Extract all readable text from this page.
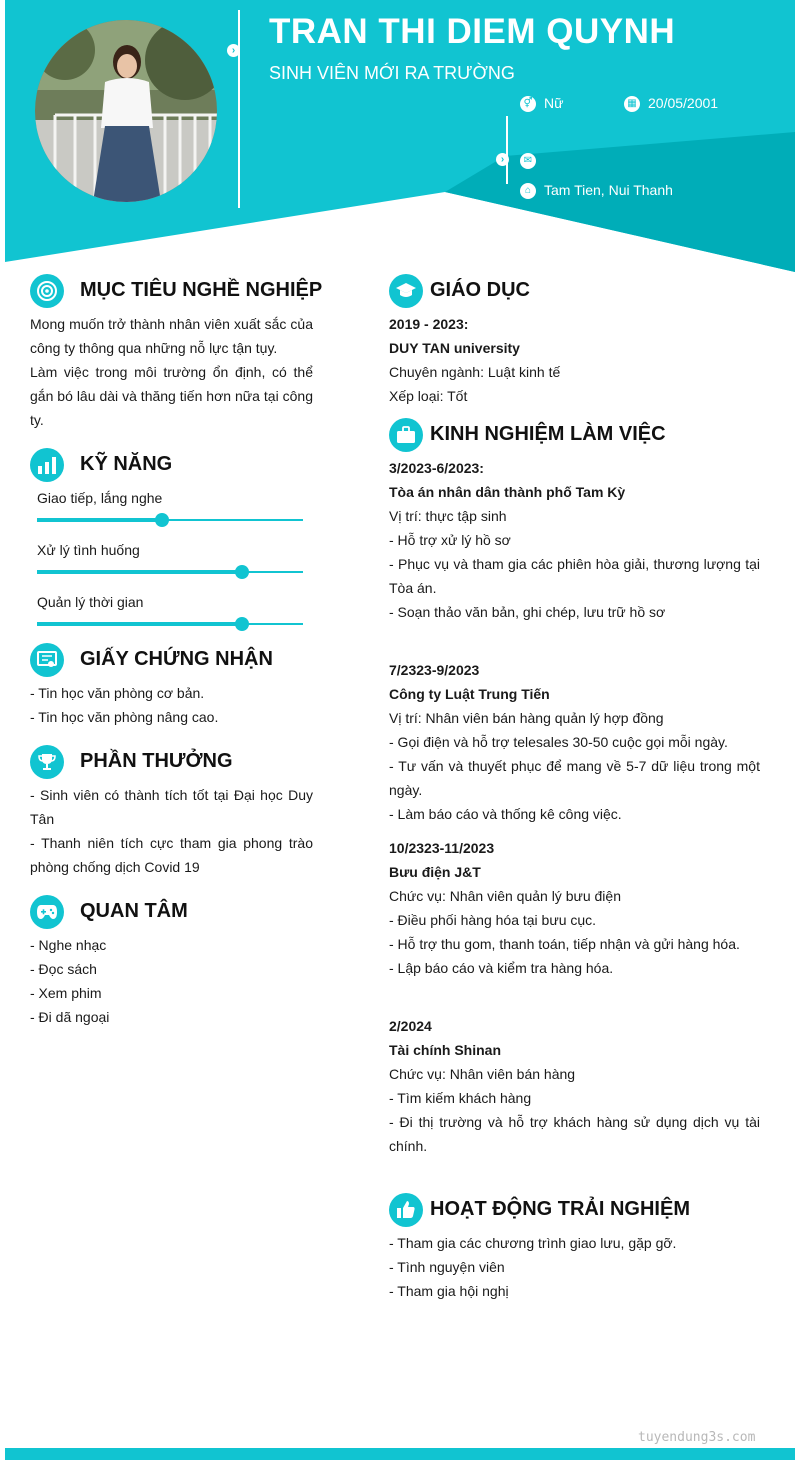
› TRAN THI DIEM QUYNH
SINH VIÊN MỚI RA TRƯỜNG
›
⚥ Nữ	▦ 20/05/2001
✉
⌂ Tam Tien, Nui Thanh
MỤC TIÊU NGHỀ NGHIỆP
Mong muốn trở thành nhân viên xuất sắc của công ty thông qua những nỗ lực tận tụy.
Làm việc trong môi trường ổn định, có thể gắn bó lâu dài và thăng tiến hơn nữa tại công ty.
KỸ NĂNG
Giao tiếp, lắng nghe
Xử lý tình huống
Quản lý thời gian
GIẤY CHỨNG NHẬN
- Tin học văn phòng cơ bản.
- Tin học văn phòng nâng cao.
PHẦN THƯỞNG
- Sinh viên có thành tích tốt tại Đại học Duy Tân
- Thanh niên tích cực tham gia phong trào phòng chống dịch Covid 19
QUAN TÂM
- Nghe nhạc
- Đọc sách
- Xem phim
- Đi dã ngoại
GIÁO DỤC
2019 - 2023:
DUY TAN university
Chuyên ngành: Luật kinh tế
Xếp loại: Tốt
KINH NGHIỆM LÀM VIỆC
3/2023-6/2023:
Tòa án nhân dân thành phố Tam Kỳ
Vị trí: thực tập sinh
- Hỗ trợ xử lý hồ sơ
- Phục vụ và tham gia các phiên hòa giải, thương lượng tại Tòa án.
- Soạn thảo văn bản, ghi chép, lưu trữ hồ sơ
7/2323-9/2023
Công ty Luật Trung Tiến
Vị trí: Nhân viên bán hàng quản lý hợp đồng
- Gọi điện và hỗ trợ telesales 30-50 cuộc gọi mỗi ngày.
- Tư vấn và thuyết phục để mang về 5-7 dữ liệu trong một ngày.
- Làm báo cáo và thống kê công việc.
10/2323-11/2023
Bưu điện J&T
Chức vụ: Nhân viên quản lý bưu điện
- Điều phối hàng hóa tại bưu cục.
- Hỗ trợ thu gom, thanh toán, tiếp nhận và gửi hàng hóa.
- Lập báo cáo và kiểm tra hàng hóa.
2/2024
Tài chính Shinan
Chức vụ: Nhân viên bán hàng
- Tìm kiếm khách hàng
- Đi thị trường và hỗ trợ khách hàng sử dụng dịch vụ tài chính.
HOẠT ĐỘNG TRẢI NGHIỆM
- Tham gia các chương trình giao lưu, gặp gỡ.
- Tình nguyện viên
- Tham gia hội nghị
tuyendung3s.com
